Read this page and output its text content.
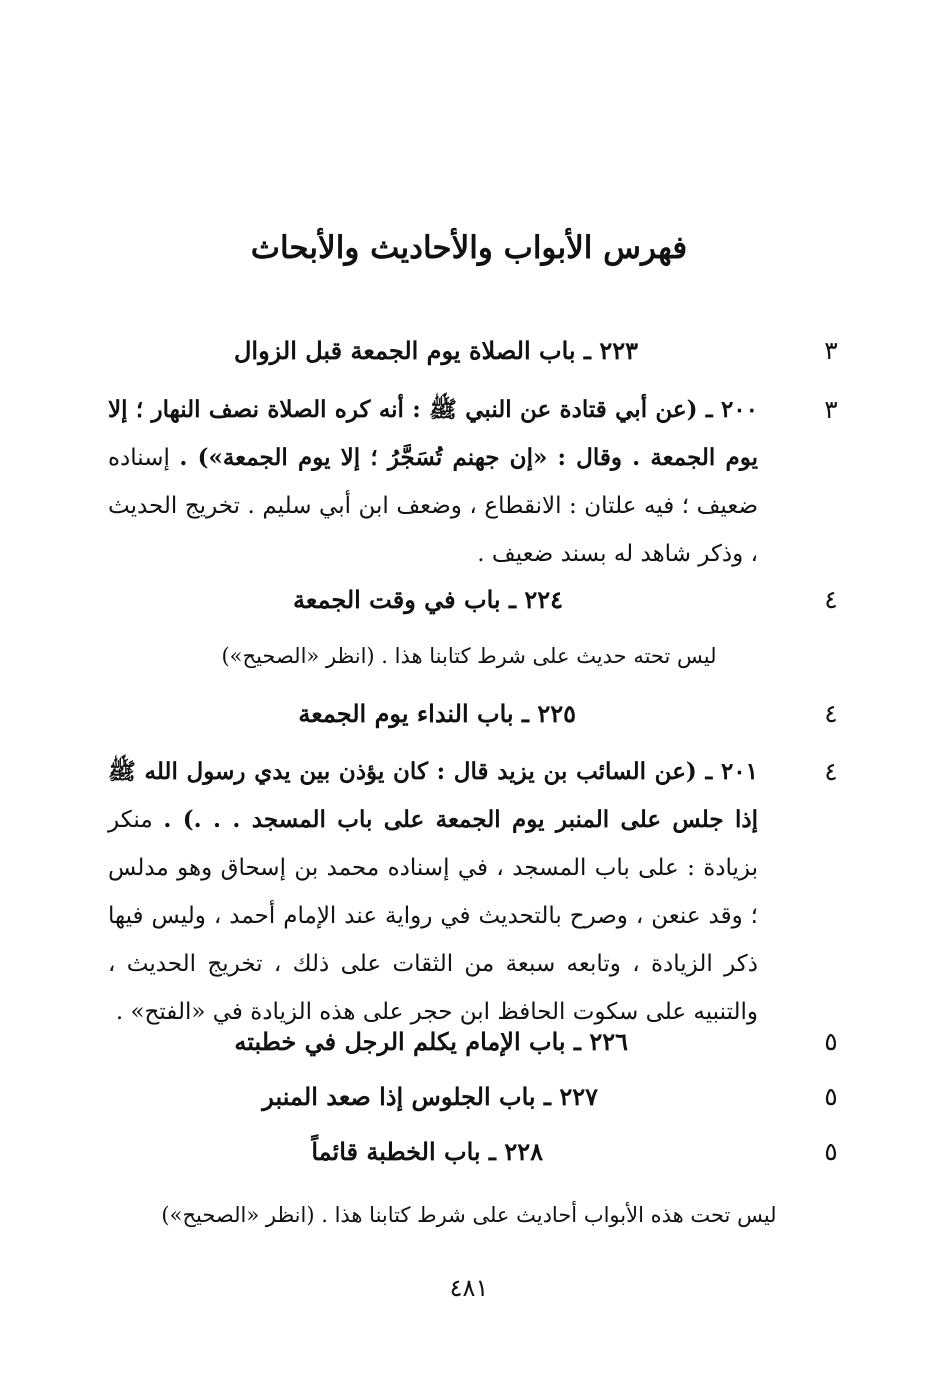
فهرس الأبواب والأحاديث والأبحاث
٣
٢٢٣ ـ باب الصلاة يوم الجمعة قبل الزوال
٣
٢٠٠ ـ (عن أبي قتادة عن النبي ﷺ : أنه كره الصلاة نصف النهار ؛ إلا يوم الجمعة . وقال : «إن جهنم تُسَجَّرُ ؛ إلا يوم الجمعة») . إسناده ضعيف ؛ فيه علتان : الانقطاع ، وضعف ابن أبي سليم . تخريج الحديث ، وذكر شاهد له بسند ضعيف .
٤
٢٢٤ ـ باب في وقت الجمعة
ليس تحته حديث على شرط كتابنا هذا . (انظر «الصحيح»)
٤
٢٢٥ ـ باب النداء يوم الجمعة
٤
٢٠١ ـ (عن السائب بن يزيد قال : كان يؤذن بين يدي رسول الله ﷺ إذا جلس على المنبر يوم الجمعة على باب المسجد . . .) . منكر بزيادة : على باب المسجد ، في إسناده محمد بن إسحاق وهو مدلس ؛ وقد عنعن ، وصرح بالتحديث في رواية عند الإمام أحمد ، وليس فيها ذكر الزيادة ، وتابعه سبعة من الثقات على ذلك ، تخريج الحديث ، والتنبيه على سكوت الحافظ ابن حجر على هذه الزيادة في «الفتح» .
٥
٢٢٦ ـ باب الإمام يكلم الرجل في خطبته
٥
٢٢٧ ـ باب الجلوس إذا صعد المنبر
٥
٢٢٨ ـ باب الخطبة قائماً
ليس تحت هذه الأبواب أحاديث على شرط كتابنا هذا . (انظر «الصحيح»)
٤٨١
